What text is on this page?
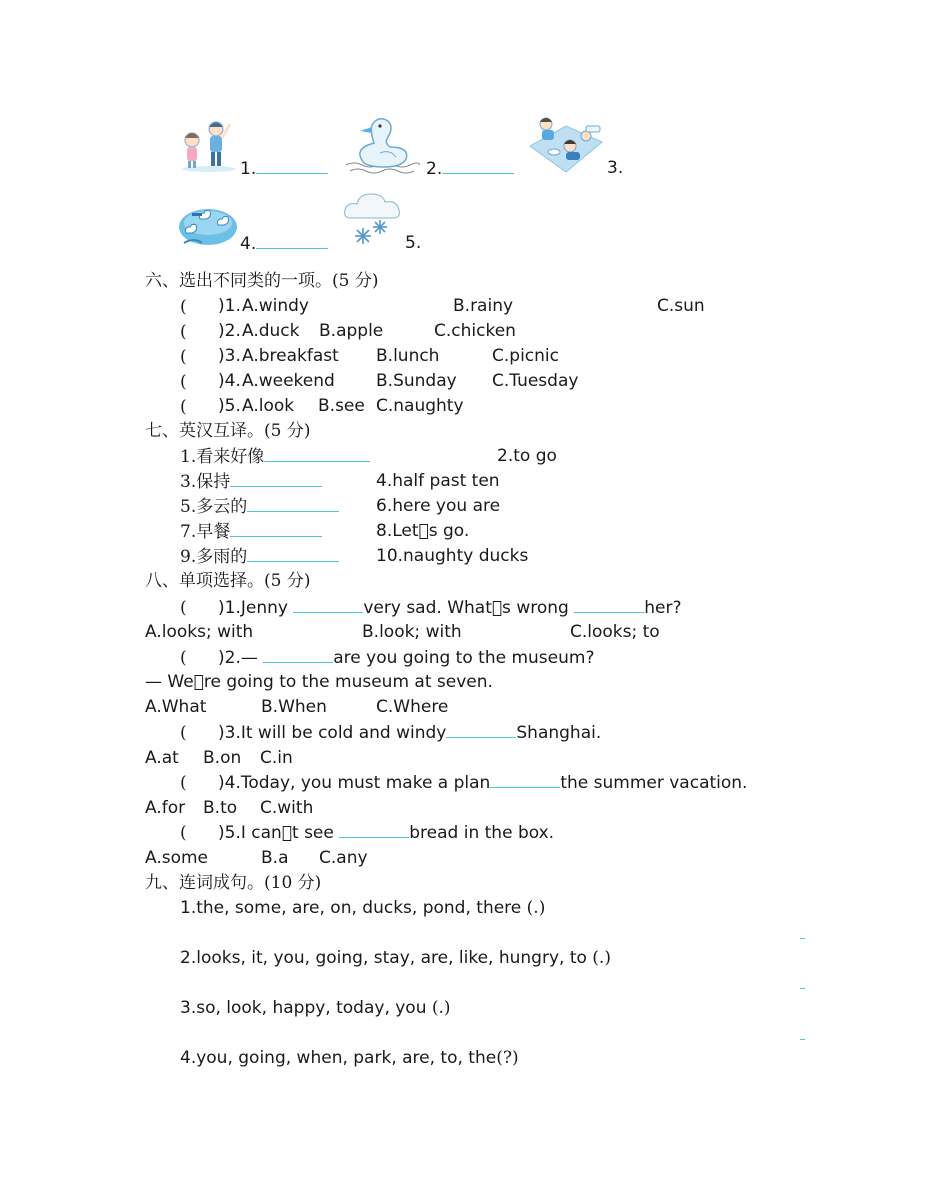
1.	2.	3.
4.	5.
六、选出不同类的一项。(5 分)
( )1. A.windy	B.rainy	C.sun
( )2. A.duck B.apple	C.chicken
( )3. A.breakfast B.lunch	C.picnic
( )4. A.weekend B.Sunday C.Tuesday
( )5. A.look B.see C.naughty
七、英汉互译。(5 分)
1.看来好像	2.to go
3.保持	4.half past ten
5.多云的	6.here you are
7.早餐	8.Let s go.
9.多雨的	10.naughty ducks
八、单项选择。(5 分)
( )1.Jenny	very sad. What s wrong	her?
A.looks; with	B.look; with	C.looks; to
( )2.—	are you going to the museum?
— We re going to the museum at seven.
A.What	B.When	C.Where
( )3.It will be cold and windy	Shanghai.
A.at B.on C.in
( )4.Today, you must make a plan	the summer vacation.
A.for B.to C.with
( )5.I can t see	bread in the box.
A.some	B.a C.any
九、连词成句。(10 分)
1.the, some, are, on, ducks, pond, there (.)
2.looks, it, you, going, stay, are, like, hungry, to (.)
3.so, look, happy, today, you (.)
4.you, going, when, park, are, to, the(?)
